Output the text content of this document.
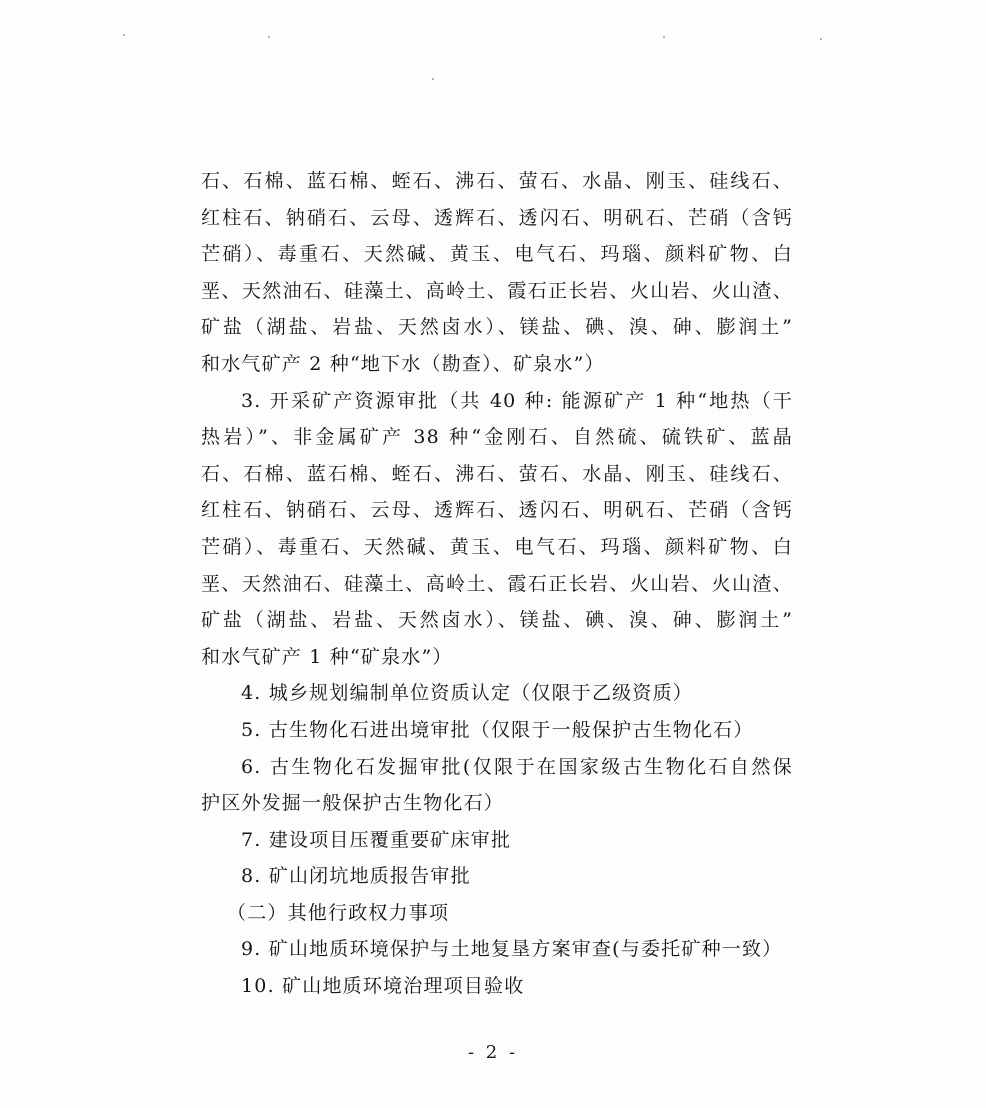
石、石棉、蓝石棉、蛭石、沸石、萤石、水晶、刚玉、硅线石、
红柱石、钠硝石、云母、透辉石、透闪石、明矾石、芒硝（含钙
芒硝）、毒重石、天然碱、黄玉、电气石、玛瑙、颜料矿物、白
垩、天然油石、硅藻土、高岭土、霞石正长岩、火山岩、火山渣、
矿盐（湖盐、岩盐、天然卤水）、镁盐、碘、溴、砷、膨润土”
和水气矿产 2 种“地下水（勘查）、矿泉水”）
3. 开采矿产资源审批（共 40 种: 能源矿产 1 种“地热（干
热岩）”、非金属矿产 38 种“金刚石、自然硫、硫铁矿、蓝晶
石、石棉、蓝石棉、蛭石、沸石、萤石、水晶、刚玉、硅线石、
红柱石、钠硝石、云母、透辉石、透闪石、明矾石、芒硝（含钙
芒硝）、毒重石、天然碱、黄玉、电气石、玛瑙、颜料矿物、白
垩、天然油石、硅藻土、高岭土、霞石正长岩、火山岩、火山渣、
矿盐（湖盐、岩盐、天然卤水）、镁盐、碘、溴、砷、膨润土”
和水气矿产 1 种“矿泉水”）
4. 城乡规划编制单位资质认定（仅限于乙级资质）
5. 古生物化石进出境审批（仅限于一般保护古生物化石）
6. 古生物化石发掘审批(仅限于在国家级古生物化石自然保
护区外发掘一般保护古生物化石）
7. 建设项目压覆重要矿床审批
8. 矿山闭坑地质报告审批
（二）其他行政权力事项
9. 矿山地质环境保护与土地复垦方案审查(与委托矿种一致）
10. 矿山地质环境治理项目验收
- 2 -
